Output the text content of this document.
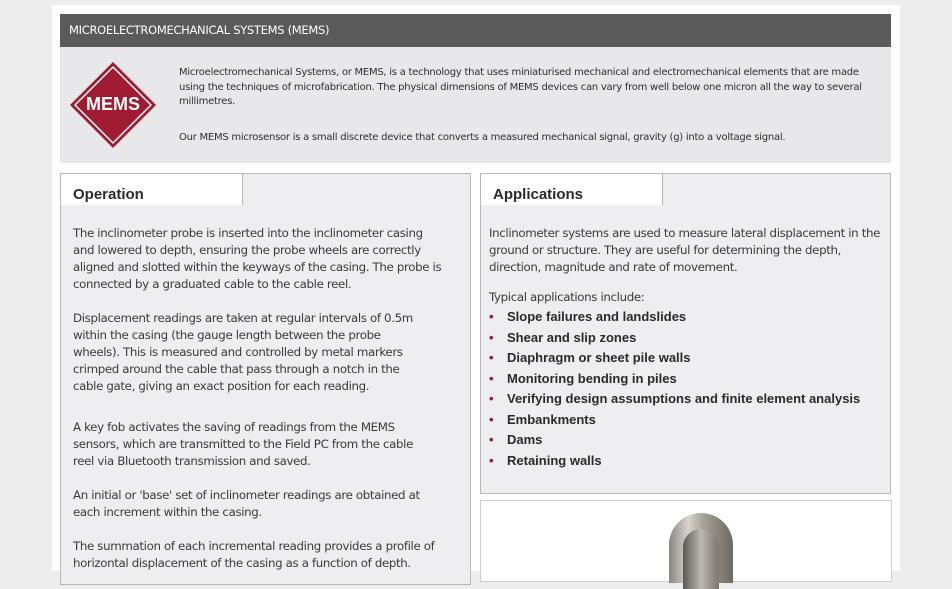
MICROELECTROMECHANICAL SYSTEMS (MEMS)
MEMS

Microelectromechanical Systems, or MEMS, is a technology that uses miniaturised mechanical and electromechanical elements that are made using the techniques of microfabrication. The physical dimensions of MEMS devices can vary from well below one micron all the way to several millimetres.

Our MEMS microsensor is a small discrete device that converts a measured mechanical signal, gravity (g) into a voltage signal.

Operation

The inclinometer probe is inserted into the inclinometer casing and lowered to depth, ensuring the probe wheels are correctly aligned and slotted within the keyways of the casing. The probe is connected by a graduated cable to the cable reel.

Displacement readings are taken at regular intervals of 0.5m within the casing (the gauge length between the probe wheels). This is measured and controlled by metal markers crimped around the cable that pass through a notch in the cable gate, giving an exact position for each reading.

A key fob activates the saving of readings from the MEMS sensors, which are transmitted to the Field PC from the cable reel via Bluetooth transmission and saved.

An initial or 'base' set of inclinometer readings are obtained at each increment within the casing.

The summation of each incremental reading provides a profile of horizontal displacement of the casing as a function of depth.

Applications

Inclinometer systems are used to measure lateral displacement in the ground or structure. They are useful for determining the depth, direction, magnitude and rate of movement.

Typical applications include:

• Slope failures and landslides
• Shear and slip zones
• Diaphragm or sheet pile walls
• Monitoring bending in piles
• Verifying design assumptions and finite element analysis
• Embankments
• Dams
• Retaining walls
